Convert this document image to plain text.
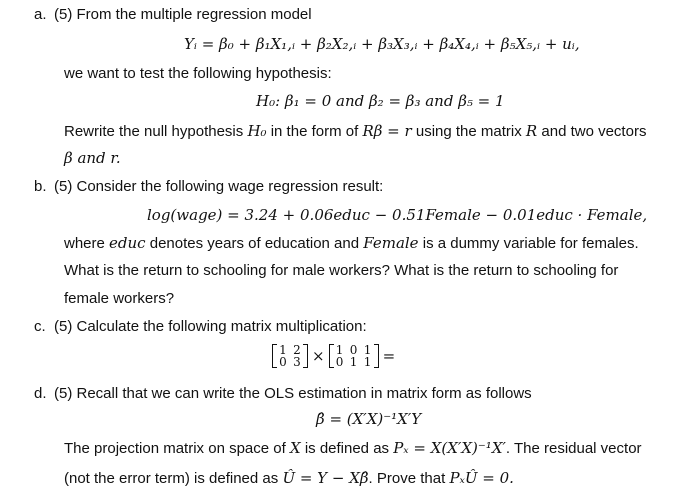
a. (5) From the multiple regression model
Yᵢ = β₀ + β₁X₁,ᵢ + β₂X₂,ᵢ + β₃X₃,ᵢ + β₄X₄,ᵢ + β₅X₅,ᵢ + uᵢ,
we want to test the following hypothesis:
H₀: β₁ = 0 and β₂ = β₃ and β₅ = 1
Rewrite the null hypothesis H₀ in the form of Rβ = r using the matrix R and two vectors
β and r.
b. (5) Consider the following wage regression result:
log(wage) = 3.24 + 0.06educ − 0.51Female − 0.01educ · Female,
where educ denotes years of education and Female is a dummy variable for females.
What is the return to schooling for male workers? What is the return to schooling for
female workers?
c. (5) Calculate the following matrix multiplication:
1 2
0 3 × 1 0 1
0 1 1 =
d. (5) Recall that we can write the OLS estimation in matrix form as follows
β̂ = (X′X)⁻¹X′Y
The projection matrix on space of X is defined as Pₓ = X(X′X)⁻¹X′. The residual vector
(not the error term) is defined as Û = Y − Xβ̂. Prove that PₓÛ = 0.
